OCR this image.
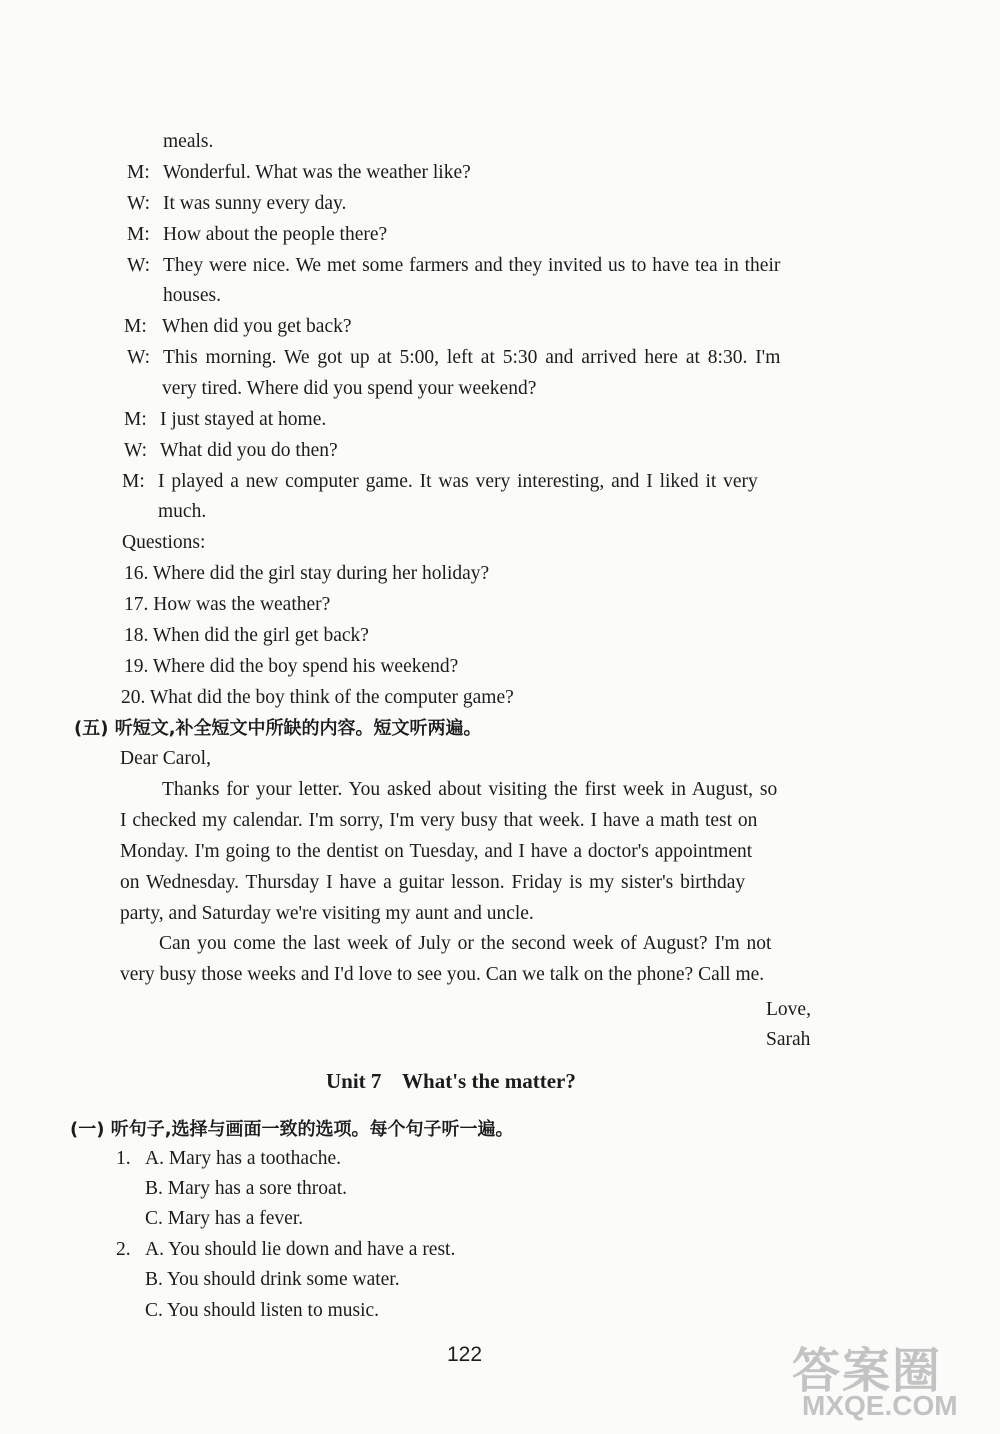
meals.
M: Wonderful. What was the weather like?
W: It was sunny every day.
M: How about the people there?
W: They were nice. We met some farmers and they invited us to have tea in their
houses.
M: When did you get back?
W: This morning. We got up at 5:00, left at 5:30 and arrived here at 8:30. I'm
very tired. Where did you spend your weekend?
M: I just stayed at home.
W: What did you do then?
M: I played a new computer game. It was very interesting, and I liked it very
much.
Questions:
16. Where did the girl stay during her holiday?
17. How was the weather?
18. When did the girl get back?
19. Where did the boy spend his weekend?
20. What did the boy think of the computer game?
(五) 听短文,补全短文中所缺的内容。短文听两遍。
Dear Carol,
Thanks for your letter. You asked about visiting the first week in August, so
I checked my calendar. I'm sorry, I'm very busy that week. I have a math test on
Monday. I'm going to the dentist on Tuesday, and I have a doctor's appointment
on Wednesday. Thursday I have a guitar lesson. Friday is my sister's birthday
party, and Saturday we're visiting my aunt and uncle.
Can you come the last week of July or the second week of August? I'm not
very busy those weeks and I'd love to see you. Can we talk on the phone? Call me.
Love,
Sarah
Unit 7    What's the matter?
(一) 听句子,选择与画面一致的选项。每个句子听一遍。
1. A. Mary has a toothache.
B. Mary has a sore throat.
C. Mary has a fever.
2. A. You should lie down and have a rest.
B. You should drink some water.
C. You should listen to music.
122	答案圈
MXQE.COM
